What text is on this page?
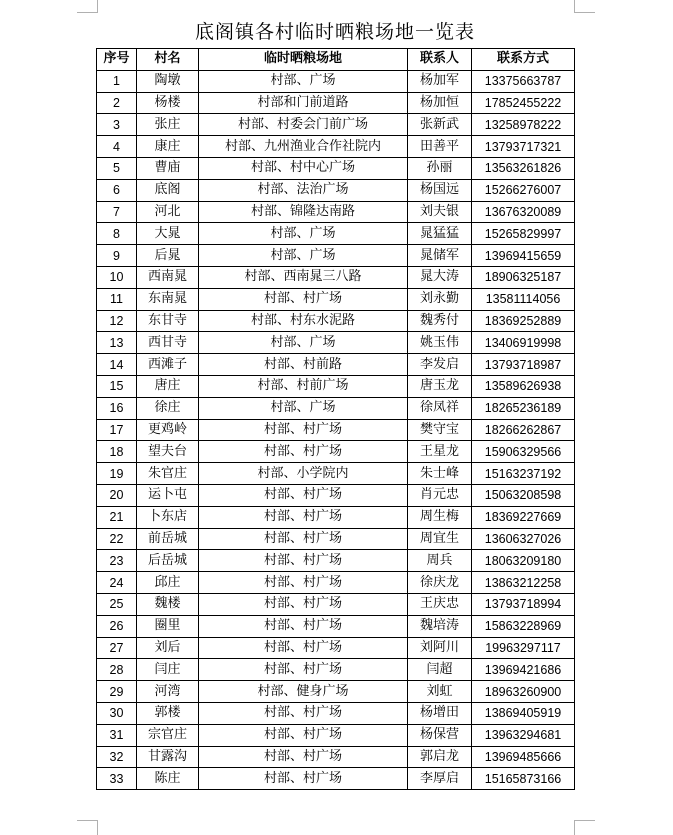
底阁镇各村临时晒粮场地一览表
序号	村名	临时晒粮场地	联系人	联系方式
1	陶墩	村部、广场	杨加军	13375663787
2	杨楼	村部和门前道路	杨加恒	17852455222
3	张庄	村部、村委会门前广场	张新武	13258978222
4	康庄	村部、九州渔业合作社院内	田善平	13793717321
5	曹庙	村部、村中心广场	孙丽	13563261826
6	底阁	村部、法治广场	杨国远	15266276007
7	河北	村部、锦隆达南路	刘夫银	13676320089
8	大晁	村部、广场	晁猛猛	15265829997
9	后晁	村部、广场	晁储军	13969415659
10	西南晁	村部、西南晁三八路	晁大涛	18906325187
11	东南晁	村部、村广场	刘永勤	13581114056
12	东甘寺	村部、村东水泥路	魏秀付	18369252889
13	西甘寺	村部、广场	姚玉伟	13406919998
14	西滩子	村部、村前路	李发启	13793718987
15	唐庄	村部、村前广场	唐玉龙	13589626938
16	徐庄	村部、广场	徐凤祥	18265236189
17	更鸡岭	村部、村广场	樊守宝	18266262867
18	望夫台	村部、村广场	王星龙	15906329566
19	朱官庄	村部、小学院内	朱士峰	15163237192
20	运卜屯	村部、村广场	肖元忠	15063208598
21	卜东店	村部、村广场	周生梅	18369227669
22	前岳城	村部、村广场	周宜生	13606327026
23	后岳城	村部、村广场	周兵	18063209180
24	邱庄	村部、村广场	徐庆龙	13863212258
25	魏楼	村部、村广场	王庆忠	13793718994
26	圈里	村部、村广场	魏培涛	15863228969
27	刘后	村部、村广场	刘阿川	19963297117
28	闫庄	村部、村广场	闫超	13969421686
29	河湾	村部、健身广场	刘虹	18963260900
30	郭楼	村部、村广场	杨增田	13869405919
31	宗官庄	村部、村广场	杨保营	13963294681
32	甘露沟	村部、村广场	郭启龙	13969485666
33	陈庄	村部、村广场	李厚启	15165873166
